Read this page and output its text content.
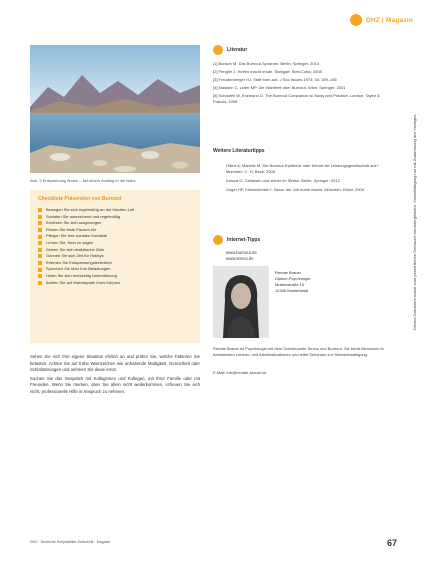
DHZ | Magazin
Abb. 2 Entspannung finden – bei einem Ausflug in die Natur
Checkliste Prävention von Burnout
Bewegen Sie sich regelmäßig an der frischen Luft
Schlafen Sie ausreichend und regelmäßig
Ernähren Sie sich ausgewogen
Planen Sie feste Pausen ein
Pflegen Sie Ihre sozialen Kontakte
Lernen Sie, Nein zu sagen
Setzen Sie sich realistische Ziele
Gönnen Sie sich Zeit für Hobbys
Erlernen Sie Entspannungstechniken
Sprechen Sie über Ihre Belastungen
Holen Sie sich rechtzeitig Unterstützung
Achten Sie auf Warnsignale Ihres Körpers

Sehen Sie sich Ihre eigene Situation ehrlich an und prüfen Sie, welche Faktoren Sie belasten. Achten Sie auf frühe Warnzeichen wie anhaltende Müdigkeit, Gereiztheit oder Schlafstörungen und nehmen Sie diese ernst.

Suchen Sie das Gespräch mit Kolleginnen und Kollegen, mit Ihrer Familie oder mit Freunden. Wenn Sie merken, dass Sie allein nicht weiterkommen, scheuen Sie sich nicht, professionelle Hilfe in Anspruch zu nehmen.

Literatur
[1] Burisch M. Das Burnout-Syndrom. Berlin: Springer; 2014
[2] Fengler J. Helfen macht müde. Stuttgart: Klett-Cotta; 2008
[3] Freudenberger HJ. Staff burn-out. J Soc Issues 1974; 30: 159–165
[4] Maslach C, Leiter MP. Die Wahrheit über Burnout. Wien: Springer; 2001
[5] Schaufeli W, Enzmann D. The Burnout Companion to Study and Practice. London: Taylor & Francis; 1998
Weitere Literaturtipps
Hillert A, Marwitz M. Die Burnout-Epidemie oder brennt die Leistungsgesellschaft aus? München: C. H. Beck; 2006
Kaluza G. Gelassen und sicher im Stress. Berlin: Springer; 2012
Unger HP, Kleinschmidt C. Bevor der Job krank macht. München: Kösel; 2006
Internet-Tipps
www.burnout.de
www.stress.de
Renate Brauer
Diplom-Psychologin
Musterstraße 10
12345 Musterstadt
Renate Brauer ist Psychologin mit dem Schwerpunkt Stress und Burnout. Sie berät Menschen in belastenden Lebens- und Arbeitssituationen und leitet Seminare zur Stressbewältigung.
E-Mail: info@renate-brauer.de
DHZ · Deutsche Heilpraktiker-Zeitschrift · Magazin	67
Dieses Dokument wurde zum persönlichen Gebrauch heruntergeladen. Vervielfältigung nur mit Zustimmung des Verlages.
